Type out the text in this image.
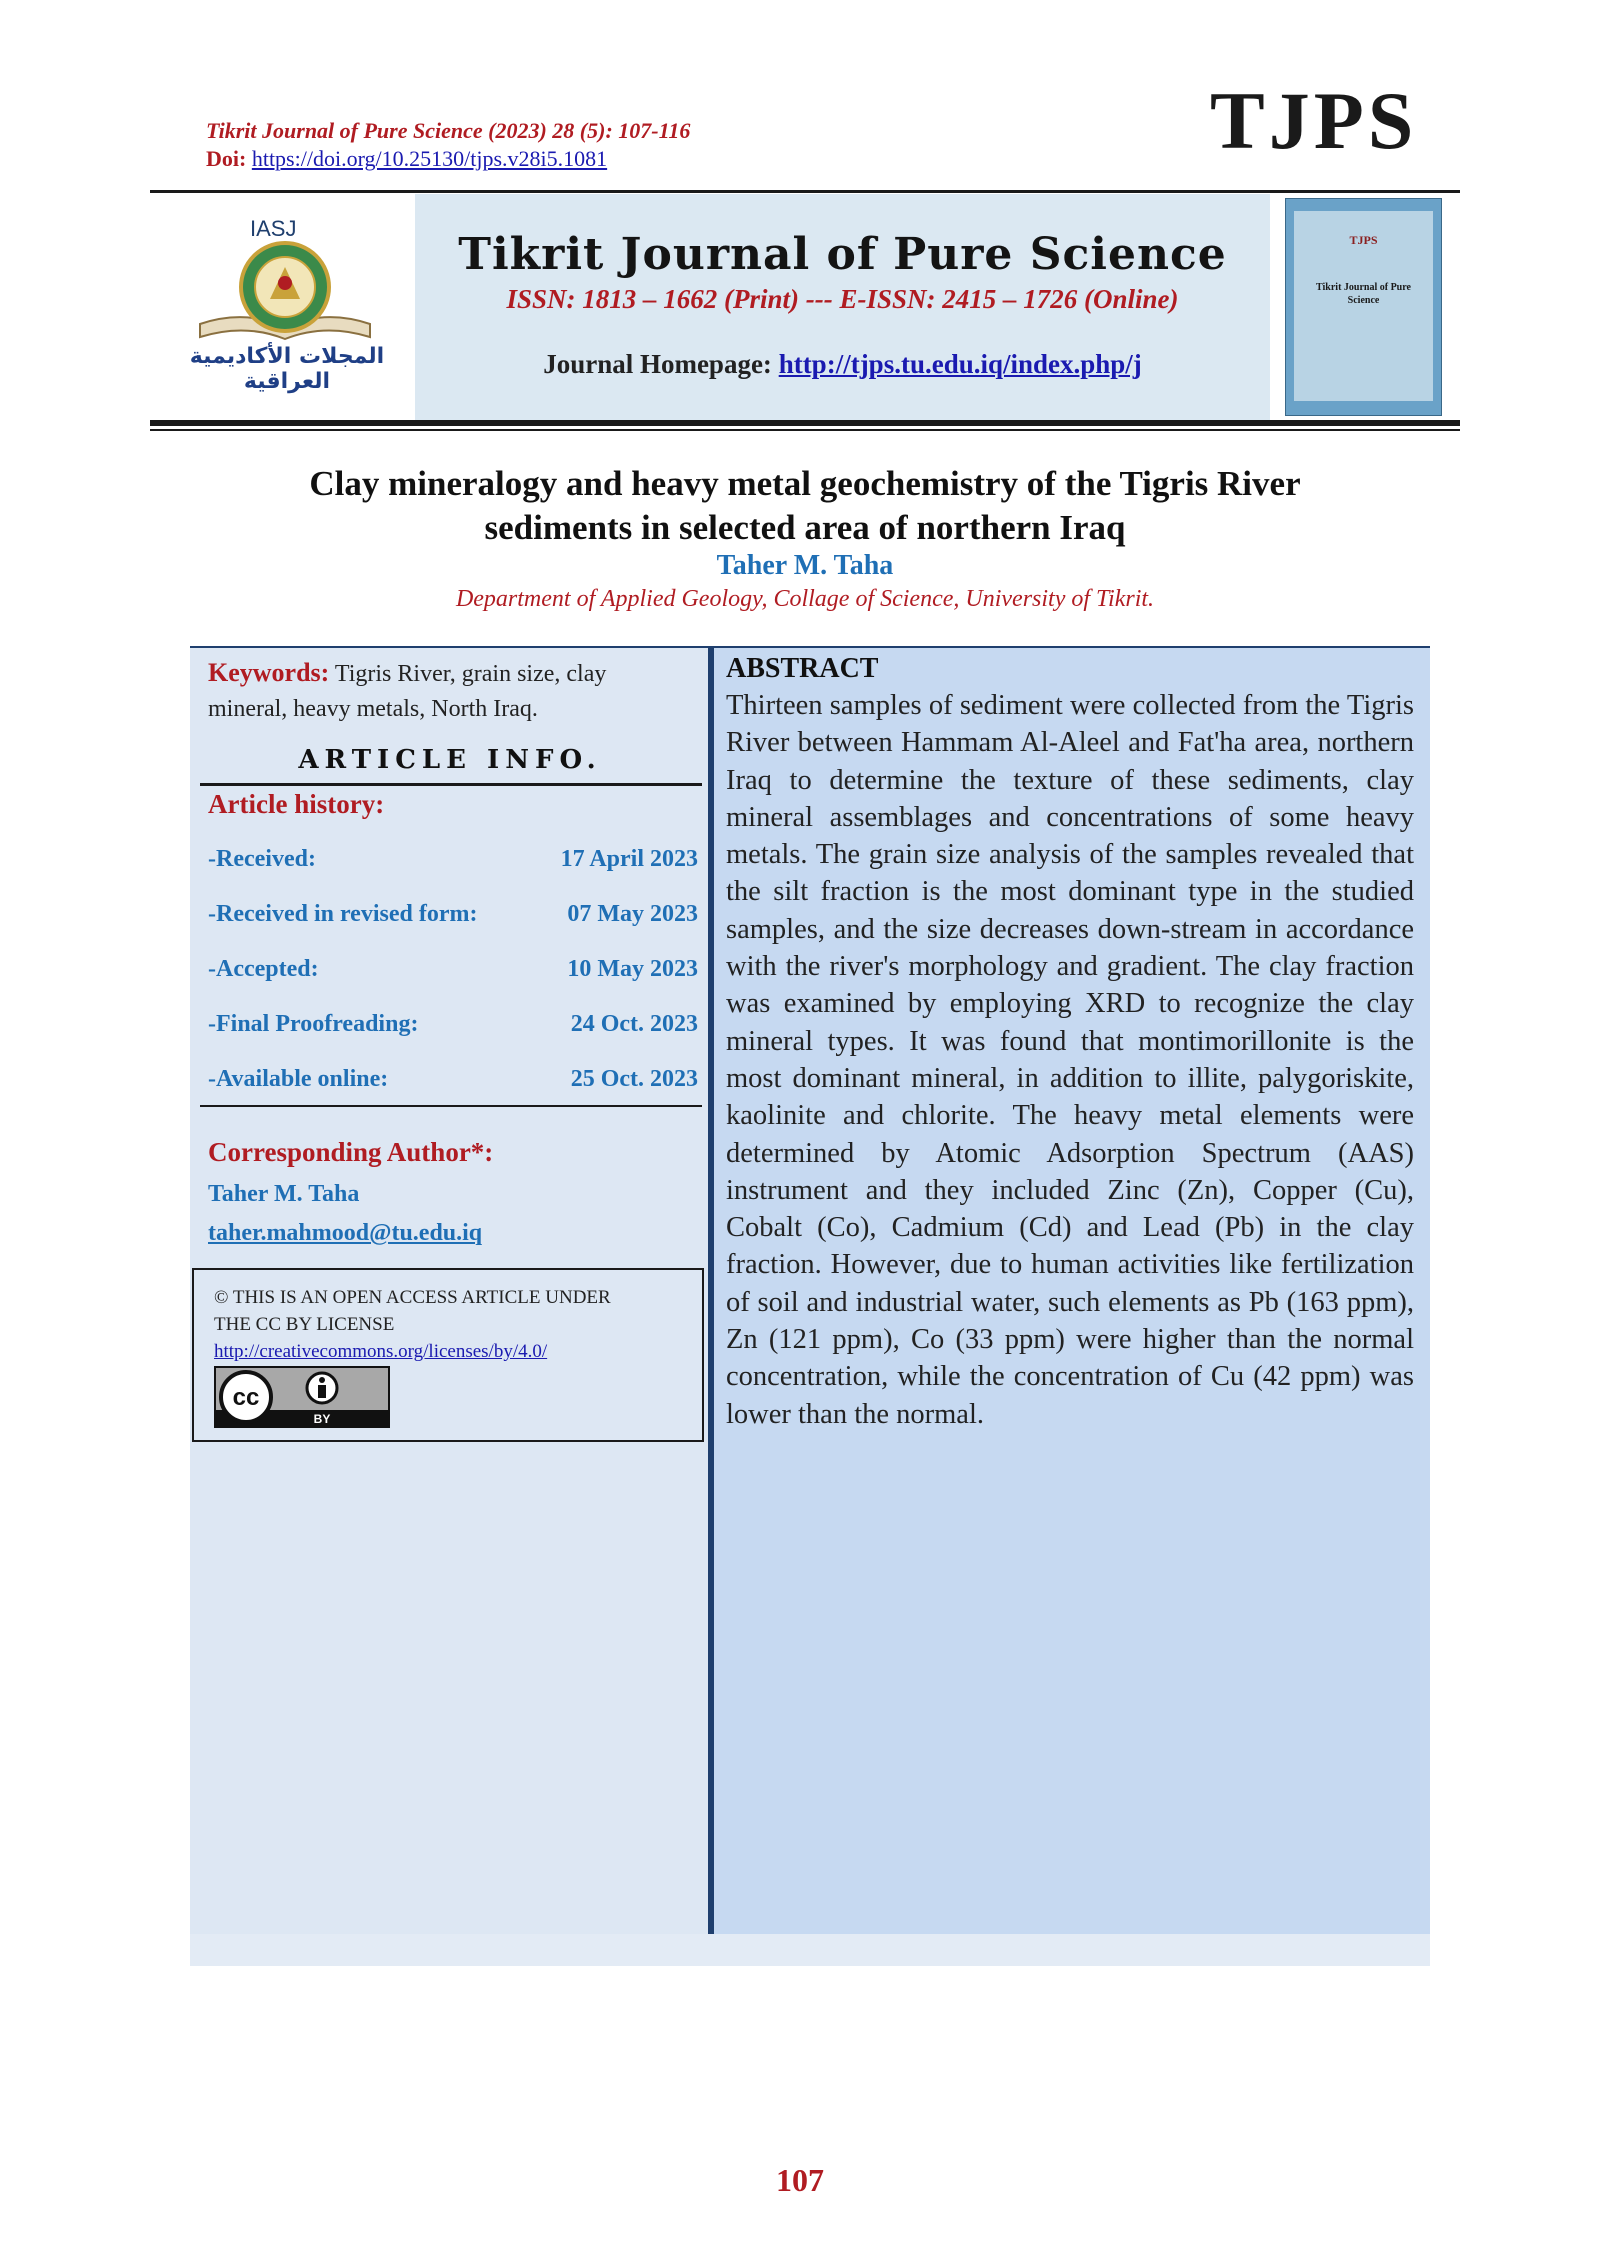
Tikrit Journal of Pure Science (2023) 28 (5): 107-116
Doi: https://doi.org/10.25130/tjps.v28i5.1081	TJPS
IASJ
المجلات الأكاديمية العراقية
Tikrit Journal of Pure Science
ISSN: 1813 – 1662 (Print) --- E-ISSN: 2415 – 1726 (Online)
Journal Homepage: http://tjps.tu.edu.iq/index.php/j
TJPS
Tikrit Journal of Pure Science
Clay mineralogy and heavy metal geochemistry of the Tigris River
sediments in selected area of northern Iraq
Taher M. Taha
Department of Applied Geology, Collage of Science, University of Tikrit.
Keywords: Tigris River, grain size, clay mineral, heavy metals, North Iraq.
ARTICLE INFO.
Article history:
-Received:	17 April 2023
-Received in revised form:	07 May 2023
-Accepted:	10 May 2023
-Final Proofreading:	24 Oct. 2023
-Available online:	25 Oct. 2023
Corresponding Author*:
Taher M. Taha
taher.mahmood@tu.edu.iq
© THIS IS AN OPEN ACCESS ARTICLE UNDER
THE CC BY LICENSE
http://creativecommons.org/licenses/by/4.0/
cc
BY
ABSTRACT
Thirteen samples of sediment were collected from the Tigris River between Hammam Al-Aleel and Fat'ha area, northern Iraq to determine the texture of these sediments, clay mineral assemblages and concentrations of some heavy metals. The grain size analysis of the samples revealed that the silt fraction is the most dominant type in the studied samples, and the size decreases down-stream in accordance with the river's morphology and gradient. The clay fraction was examined by employing XRD to recognize the clay mineral types. It was found that montimorillonite is the most dominant mineral, in addition to illite, palygoriskite, kaolinite and chlorite. The heavy metal elements were determined by Atomic Adsorption Spectrum (AAS) instrument and they included Zinc (Zn), Copper (Cu), Cobalt (Co), Cadmium (Cd) and Lead (Pb) in the clay fraction. However, due to human activities like fertilization of soil and industrial water, such elements as Pb (163 ppm), Zn (121 ppm), Co (33 ppm) were higher than the normal concentration, while the concentration of Cu (42 ppm) was lower than the normal.
107
